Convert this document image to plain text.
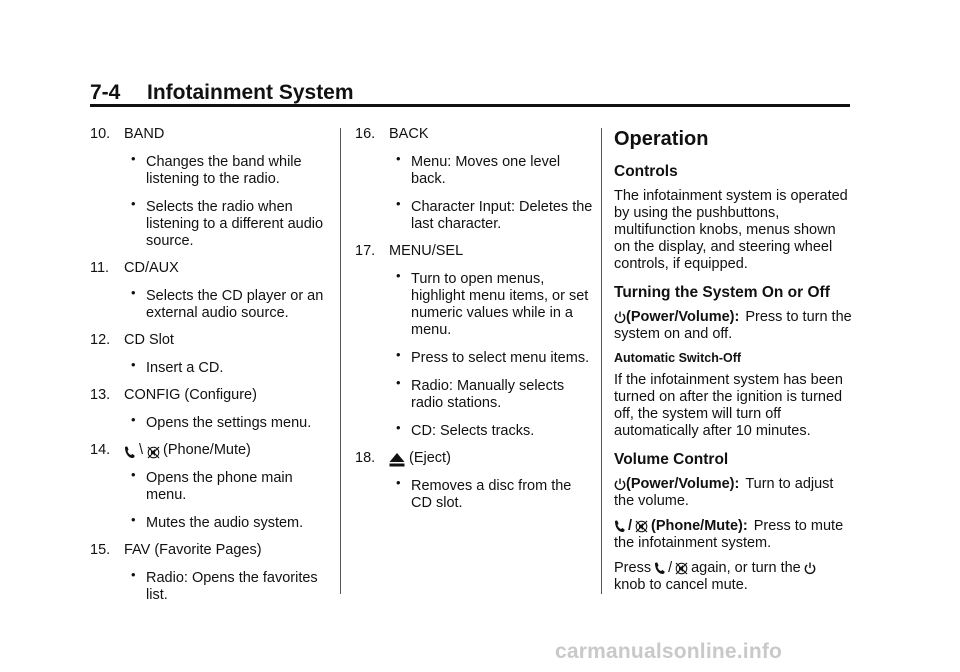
7-4 Infotainment System
10. BAND
• Changes the band while listening to the radio.
• Selects the radio when listening to a different audio source.
11.	CD/AUX
• Selects the CD player or an external audio source.
12. CD Slot
• Insert a CD.
13. CONFIG (Configure)
• Opens the settings menu.
14.	\ (Phone/Mute)
• Opens the phone main menu.
• Mutes the audio system.
15. FAV (Favorite Pages)
• Radio: Opens the favorites list.
16. BACK
• Menu: Moves one level back.
• Character Input: Deletes the last character.
17. MENU/SEL
• Turn to open menus, highlight menu items, or set numeric values while in a menu.
• Press to select menu items.
• Radio: Manually selects radio stations.
• CD: Selects tracks.
18.	(Eject)
• Removes a disc from the CD slot.
Operation
Controls

The infotainment system is operated by using the pushbuttons, multifunction knobs, menus shown on the display, and steering wheel controls, if equipped.

Turning the System On or Off

(Power/Volume): Press to turn the system on and off.

Automatic Switch-Off

If the infotainment system has been turned on after the ignition is turned off, the system will turn off automatically after 10 minutes.

Volume Control

(Power/Volume): Turn to adjust the volume.

/ (Phone/Mute): Press to mute the infotainment system.

Press / again, or turn the

knob to cancel mute.

carmanualsonline.info
